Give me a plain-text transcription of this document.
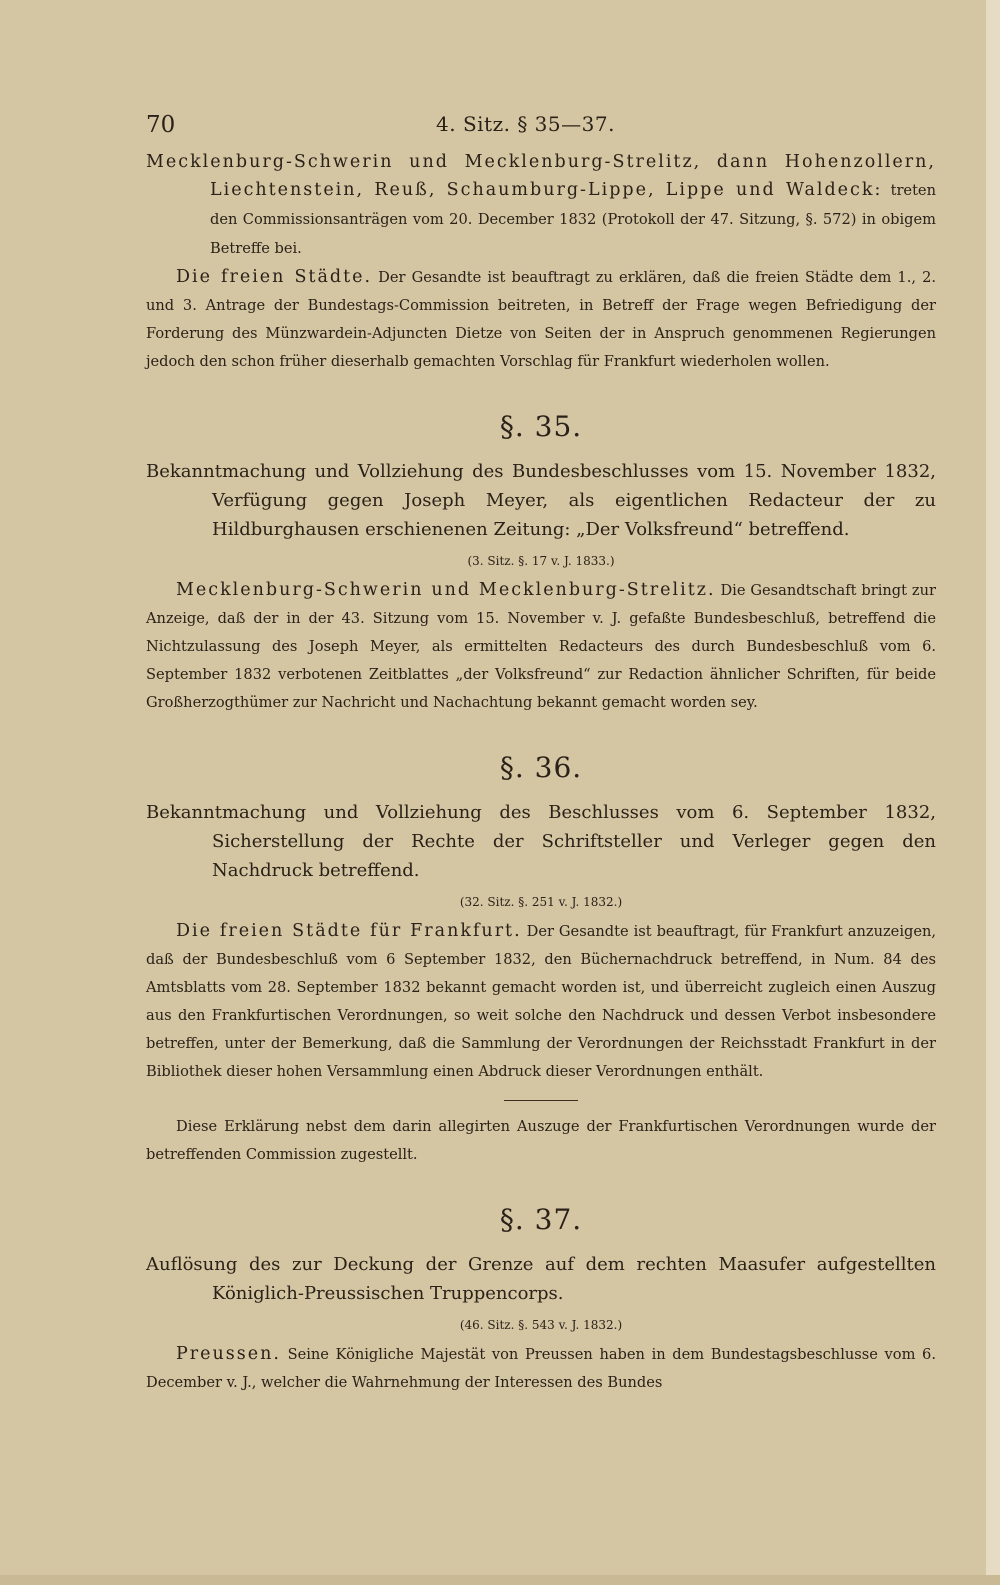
70	4. Sitz. § 35—37.

Mecklenburg-Schwerin und Mecklenburg-Strelitz, dann Hohenzollern, Liechtenstein, Reuß, Schaumburg-Lippe, Lippe und Waldeck: treten den Commissionsanträgen vom 20. December 1832 (Protokoll der 47. Sitzung, §. 572) in obigem Betreffe bei.

Die freien Städte. Der Gesandte ist beauftragt zu erklären, daß die freien Städte dem 1., 2. und 3. Antrage der Bundestags-Commission beitreten, in Betreff der Frage wegen Befriedigung der Forderung des Münzwardein-Adjuncten Dietze von Seiten der in Anspruch genommenen Regierungen jedoch den schon früher dieserhalb gemachten Vorschlag für Frankfurt wiederholen wollen.

§. 35.

Bekanntmachung und Vollziehung des Bundesbeschlusses vom 15. November 1832, Verfügung gegen Joseph Meyer, als eigentlichen Redacteur der zu Hildburghausen erschienenen Zeitung: „Der Volksfreund“ betreffend.

(3. Sitz. §. 17 v. J. 1833.)

Mecklenburg-Schwerin und Mecklenburg-Strelitz. Die Gesandtschaft bringt zur Anzeige, daß der in der 43. Sitzung vom 15. November v. J. gefaßte Bundesbeschluß, betreffend die Nichtzulassung des Joseph Meyer, als ermittelten Redacteurs des durch Bundesbeschluß vom 6. September 1832 verbotenen Zeitblattes „der Volksfreund“ zur Redaction ähnlicher Schriften, für beide Großherzogthümer zur Nachricht und Nachachtung bekannt gemacht worden sey.

§. 36.

Bekanntmachung und Vollziehung des Beschlusses vom 6. September 1832, Sicherstellung der Rechte der Schriftsteller und Verleger gegen den Nachdruck betreffend.

(32. Sitz. §. 251 v. J. 1832.)

Die freien Städte für Frankfurt. Der Gesandte ist beauftragt, für Frankfurt anzuzeigen, daß der Bundesbeschluß vom 6 September 1832, den Büchernachdruck betreffend, in Num. 84 des Amtsblatts vom 28. September 1832 bekannt gemacht worden ist, und überreicht zugleich einen Auszug aus den Frankfurtischen Verordnungen, so weit solche den Nachdruck und dessen Verbot insbesondere betreffen, unter der Bemerkung, daß die Sammlung der Verordnungen der Reichsstadt Frankfurt in der Bibliothek dieser hohen Versammlung einen Abdruck dieser Verordnungen enthält.

Diese Erklärung nebst dem darin allegirten Auszuge der Frankfurtischen Verordnungen wurde der betreffenden Commission zugestellt.

§. 37.

Auflösung des zur Deckung der Grenze auf dem rechten Maasufer aufgestellten Königlich-Preussischen Truppencorps.

(46. Sitz. §. 543 v. J. 1832.)

Preussen. Seine Königliche Majestät von Preussen haben in dem Bundestagsbeschlusse vom 6. December v. J., welcher die Wahrnehmung der Interessen des Bundes
